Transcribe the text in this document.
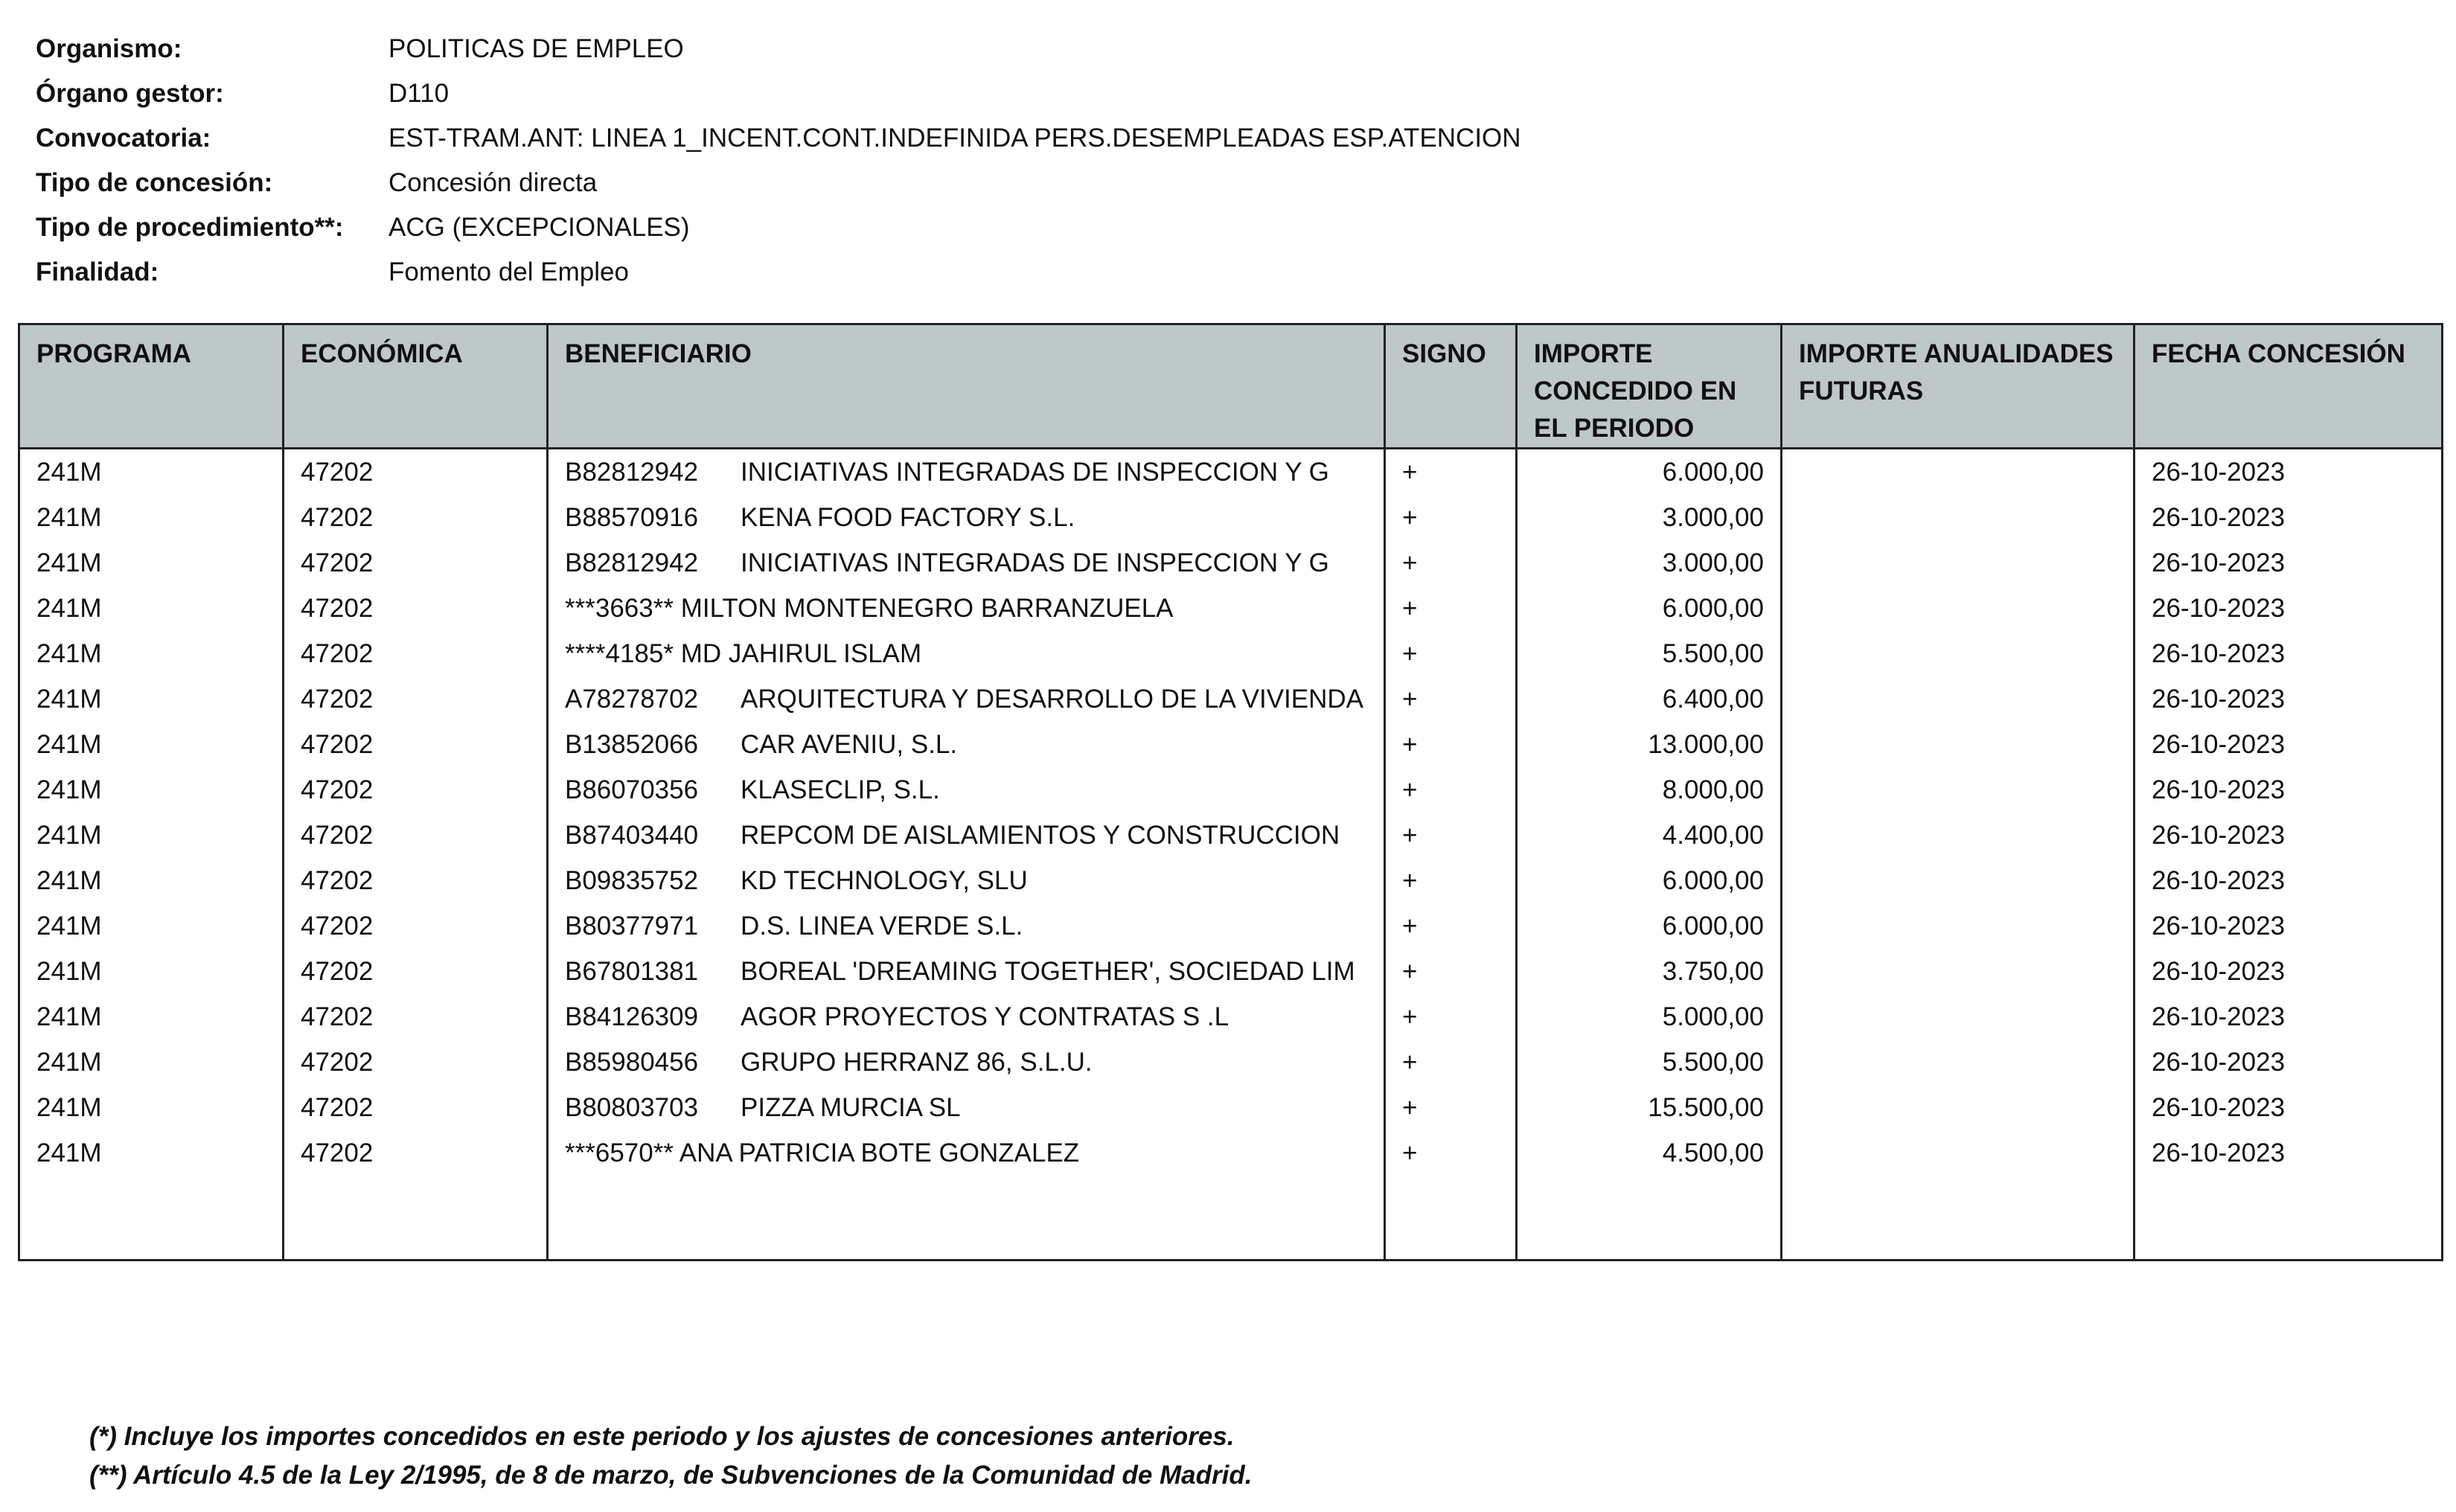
Organismo:	POLITICAS DE EMPLEO
Órgano gestor:	D110
Convocatoria:	EST-TRAM.ANT: LINEA 1_INCENT.CONT.INDEFINIDA PERS.DESEMPLEADAS ESP.ATENCION
Tipo de concesión:	Concesión directa
Tipo de procedimiento**:	ACG (EXCEPCIONALES)
Finalidad:	Fomento del Empleo
PROGRAMA	ECONÓMICA	BENEFICIARIO	SIGNO	IMPORTE CONCEDIDO EN EL PERIODO	IMPORTE ANUALIDADES FUTURAS	FECHA CONCESIÓN
241M	47202	B82812942 INICIATIVAS INTEGRADAS DE INSPECCION Y G	+	6.000,00		26-10-2023
241M	47202	B88570916 KENA FOOD FACTORY S.L.	+	3.000,00		26-10-2023
241M	47202	B82812942 INICIATIVAS INTEGRADAS DE INSPECCION Y G	+	3.000,00		26-10-2023
241M	47202	***3663** MILTON MONTENEGRO BARRANZUELA	+	6.000,00		26-10-2023
241M	47202	****4185* MD JAHIRUL ISLAM	+	5.500,00		26-10-2023
241M	47202	A78278702 ARQUITECTURA Y DESARROLLO DE LA VIVIENDA	+	6.400,00		26-10-2023
241M	47202	B13852066 CAR AVENIU, S.L.	+	13.000,00		26-10-2023
241M	47202	B86070356 KLASECLIP, S.L.	+	8.000,00		26-10-2023
241M	47202	B87403440 REPCOM DE AISLAMIENTOS Y CONSTRUCCION	+	4.400,00		26-10-2023
241M	47202	B09835752 KD TECHNOLOGY, SLU	+	6.000,00		26-10-2023
241M	47202	B80377971 D.S. LINEA VERDE S.L.	+	6.000,00		26-10-2023
241M	47202	B67801381 BOREAL 'DREAMING TOGETHER', SOCIEDAD LIM	+	3.750,00		26-10-2023
241M	47202	B84126309 AGOR PROYECTOS Y CONTRATAS S .L	+	5.000,00		26-10-2023
241M	47202	B85980456 GRUPO HERRANZ 86, S.L.U.	+	5.500,00		26-10-2023
241M	47202	B80803703 PIZZA MURCIA SL	+	15.500,00		26-10-2023
241M	47202	***6570** ANA PATRICIA BOTE GONZALEZ	+	4.500,00		26-10-2023

(*) Incluye los importes concedidos en este periodo y los ajustes de concesiones anteriores.
(**) Artículo 4.5 de la Ley 2/1995, de 8 de marzo, de Subvenciones de la Comunidad de Madrid.
